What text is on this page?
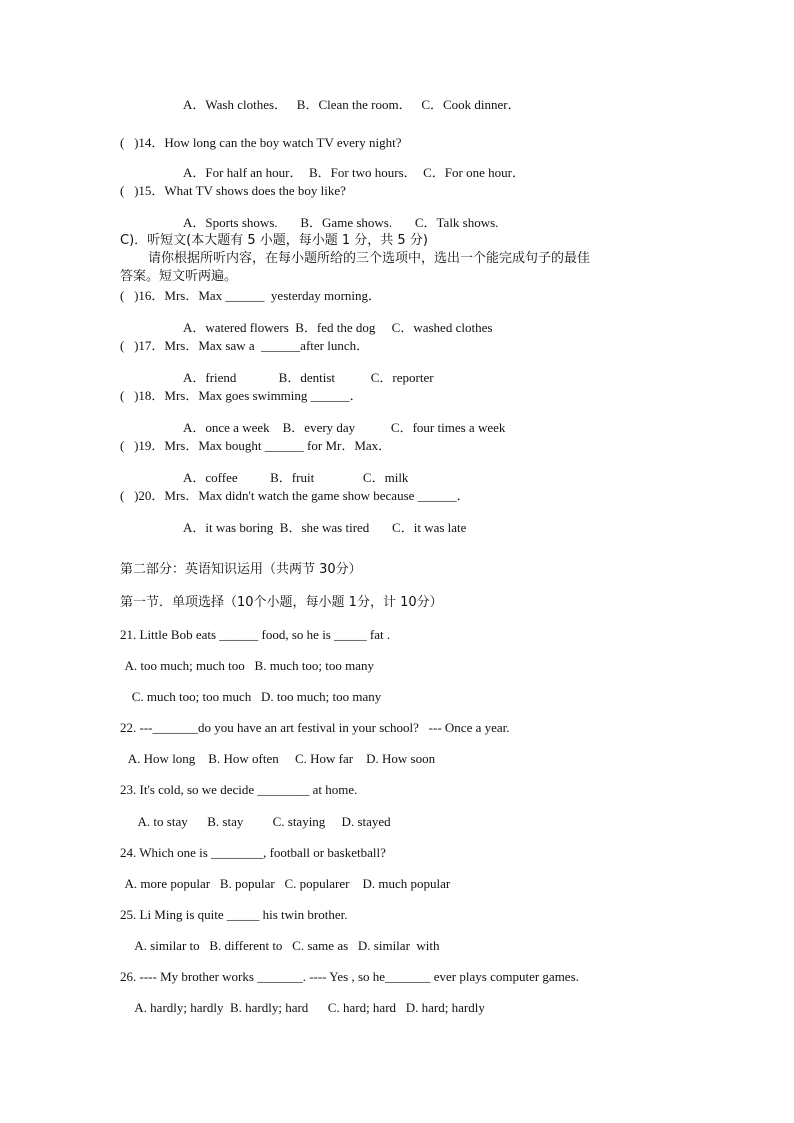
A．Wash clothes．   B．Clean the room．   C．Cook dinner．
(   )14．How long can the boy watch TV every night?
A．For half an hour．  B．For two hours．  C．For one hour．
(   )15．What TV shows does the boy like?
A．Sports shows.       B．Game shows.       C．Talk shows.
C)．听短文(本大题有 5 小题，每小题 1 分，共 5 分)
请你根据所听内容，在每小题所给的三个选项中，选出一个能完成句子的最佳
答案。短文听两遍。
(   )16．Mrs．Max ______  yesterday morning．
A．watered flowers  B．fed the dog     C．washed clothes
(   )17．Mrs．Max saw a  ______after lunch．
A．friend             B．dentist           C．reporter
(   )18．Mrs．Max goes swimming ______．
A．once a week    B．every day           C．four times a week
(   )19．Mrs．Max bought ______ for Mr．Max．
A．coffee          B．fruit               C．milk
(   )20．Mrs．Max didn't watch the game show because ______．
A．it was boring  B．she was tired       C．it was late
第二部分：英语知识运用（共两节 30分）
第一节．单项选择（10个小题，每小题 1分，计 10分）
21. Little Bob eats ______ food, so he is _____ fat .
A. too much; much too   B. much too; too many
C. much too; too much   D. too much; too many
22. ---_______do you have an art festival in your school?   --- Once a year.
A. How long    B. How often     C. How far    D. How soon
23. It's cold, so we decide ________ at home.
A. to stay      B. stay         C. staying     D. stayed
24. Which one is ________, football or basketball?
A. more popular   B. popular   C. popularer    D. much popular
25. Li Ming is quite _____ his twin brother.
A. similar to   B. different to   C. same as   D. similar  with
26. ---- My brother works _______. ---- Yes , so he_______ ever plays computer games.
A. hardly; hardly  B. hardly; hard      C. hard; hard   D. hard; hardly
